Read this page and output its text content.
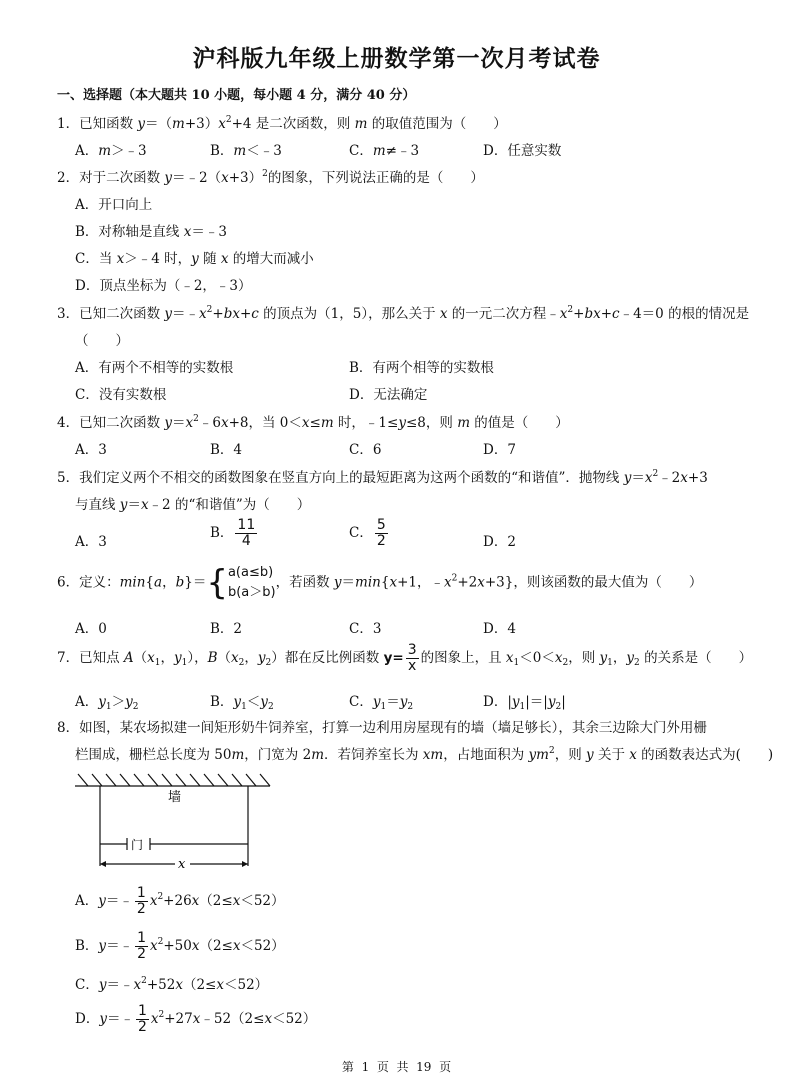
沪科版九年级上册数学第一次月考试卷
一、选择题（本大题共 10 小题，每小题 4 分，满分 40 分）
1．已知函数 $y=(m+3)x^2+4$ 是二次函数，则 m 的取值范围为（　　）
A．m＞﹣3	B．m＜﹣3	C．m≠﹣3	D．任意实数
2．对于二次函数 $y=﹣2(x+3)^2$的图象，下列说法正确的是（　　）
A．开口向上
B．对称轴是直线 x＝﹣3
C．当 x＞﹣4 时，y 随 x 的增大而减小
D．顶点坐标为（﹣2，﹣3）
3．已知二次函数 $y=﹣x^2+bx+c$ 的顶点为（1，5），那么关于 x 的一元二次方程$﹣x^2+bx+c﹣4=0$ 的根的情况是
（　　）
A．有两个不相等的实数根	B．有两个相等的实数根
C．没有实数根	D．无法确定
4．已知二次函数 $y=x^2﹣6x+8$，当 0＜x≤m 时，﹣1≤y≤8，则 m 的值是（　　）
A．3	B．4	C．6	D．7
5．我们定义两个不相交的函数图象在竖直方向上的最短距离为这两个函数的“和谐值”．抛物线 $y=x^2﹣2x+3$
与直线 y＝x﹣2 的“和谐值”为（　　）
A．3
B． $\frac{11}{4}$	C． $\frac{5}{2}$	D．2
6．定义：min{a，b}＝{ a(a≤b)
b(a＞b)
，若函数 y＝min{x+1，$﹣x^2+2x+3$}，则该函数的最大值为（　　）
A．0	B．2	C．3	D．4
7．已知点 $A(x_1$，$y_1$），$B(x_2$，$y_2$）都在反比例函数 $y= \frac{3}{x}$ 的图象上，且 $x_1<0<x_2$，则 $y_1$，$y_2$ 的关系是（　　）
A．$y_1>y_2$	B．$y_1<y_2$	C．$y_1=y_2$	D．$|y_1|=|y_2|$
8．如图，某农场拟建一间矩形奶牛饲养室，打算一边利用房屋现有的墙（墙足够长），其余三边除大门外用栅
栏围成，栅栏总长度为 50m，门宽为 2m．若饲养室长为 xm，占地面积为 $ym^2$，则 y 关于 x 的函数表达式为(　　)
墙
门
x
A．y＝﹣ $\frac{1}{2} x^2+26x(2\le x<52)$
B．y＝﹣ $\frac{1}{2} x^2+50x(2\le x<52)$
C．$y=﹣x^2+52x(2\le x<52)$
D．y＝﹣ $\frac{1}{2}$ $x^2+27x﹣52(2\le x<52)$
第 1 页 共 19 页
